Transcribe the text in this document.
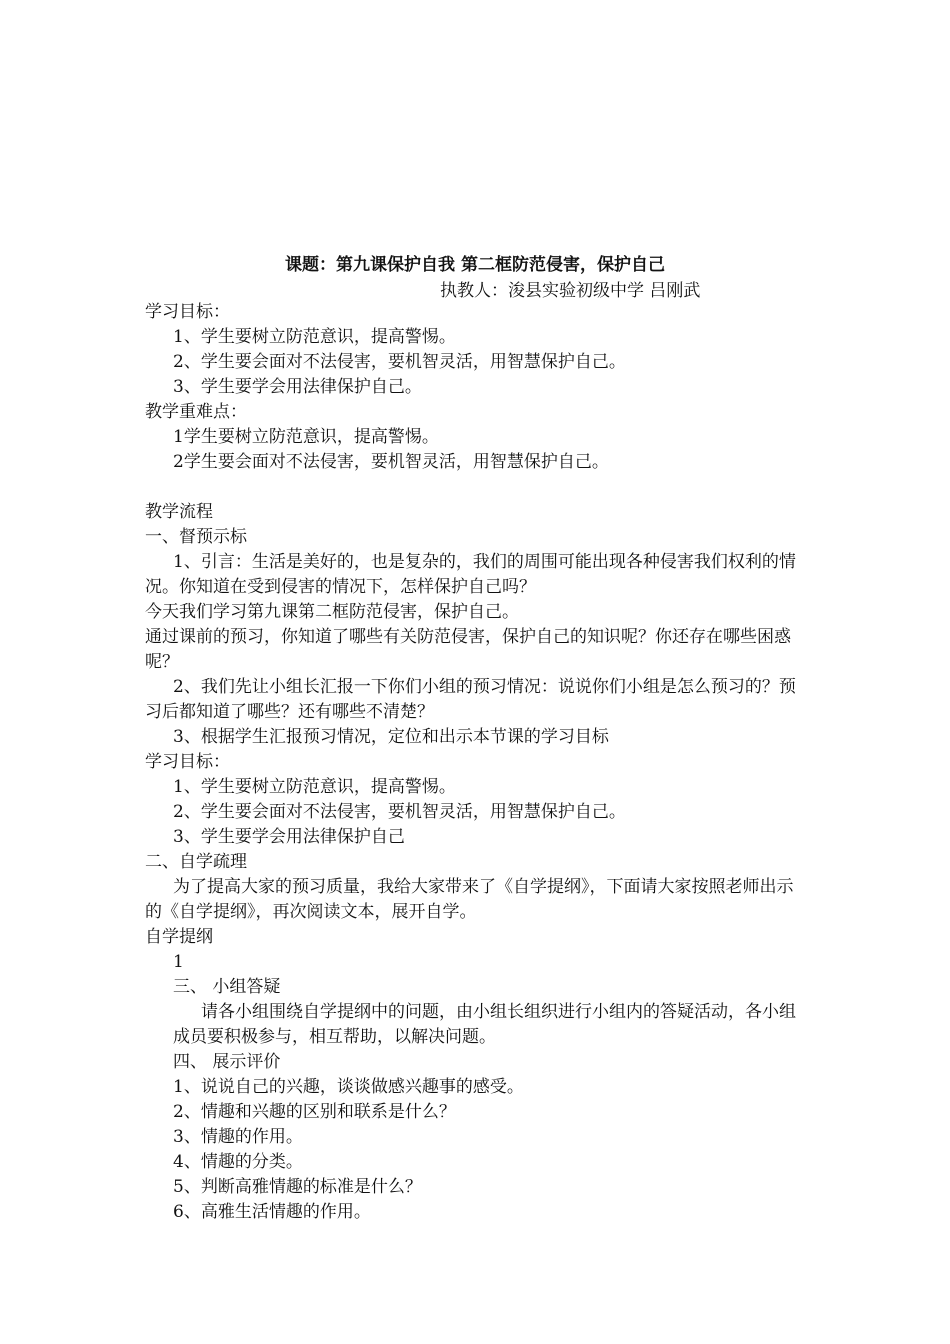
课题：第九课保护自我 第二框防范侵害，保护自己
执教人：浚县实验初级中学 吕刚武

学习目标：

1、学生要树立防范意识，提高警惕。

2、学生要会面对不法侵害，要机智灵活，用智慧保护自己。

3、学生要学会用法律保护自己。

教学重难点：

1学生要树立防范意识，提高警惕。

2学生要会面对不法侵害，要机智灵活，用智慧保护自己。

教学流程

一、督预示标

1、引言：生活是美好的，也是复杂的，我们的周围可能出现各种侵害我们权利的情况。你知道在受到侵害的情况下，怎样保护自己吗？

今天我们学习第九课第二框防范侵害，保护自己。

通过课前的预习，你知道了哪些有关防范侵害，保护自己的知识呢？你还存在哪些困惑呢？

2、我们先让小组长汇报一下你们小组的预习情况：说说你们小组是怎么预习的？预习后都知道了哪些？还有哪些不清楚？

3、根据学生汇报预习情况，定位和出示本节课的学习目标

学习目标：

1、学生要树立防范意识，提高警惕。

2、学生要会面对不法侵害，要机智灵活，用智慧保护自己。

3、学生要学会用法律保护自己

二、自学疏理

为了提高大家的预习质量，我给大家带来了《自学提纲》，下面请大家按照老师出示的《自学提纲》，再次阅读文本，展开自学。

自学提纲

1

三、 小组答疑

请各小组围绕自学提纲中的问题，由小组长组织进行小组内的答疑活动，各小组成员要积极参与，相互帮助，以解决问题。

四、 展示评价

1、说说自己的兴趣，谈谈做感兴趣事的感受。

2、情趣和兴趣的区别和联系是什么？

3、情趣的作用。

4、情趣的分类。

5、判断高雅情趣的标准是什么？

6、高雅生活情趣的作用。
